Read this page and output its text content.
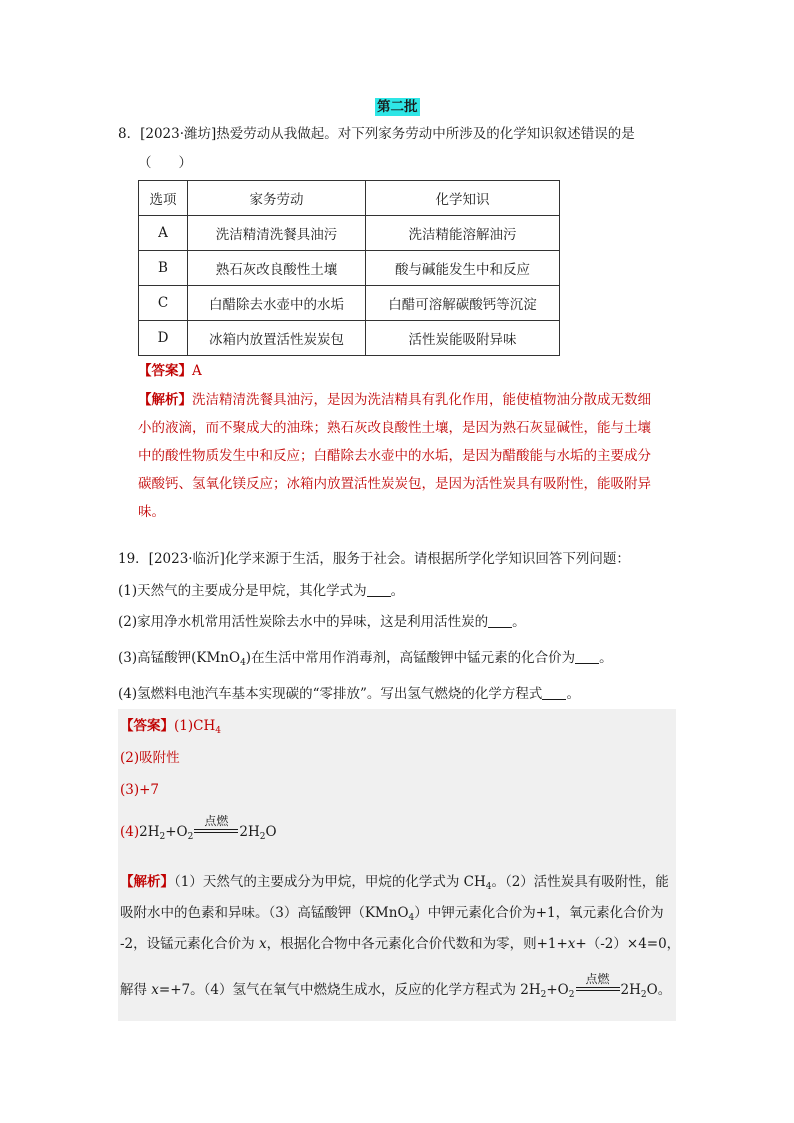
第二批
8．[2023·潍坊]热爱劳动从我做起。对下列家务劳动中所涉及的化学知识叙述错误的是
（　　）
选项	家务劳动	化学知识
A	洗洁精清洗餐具油污	洗洁精能溶解油污
B	熟石灰改良酸性土壤	酸与碱能发生中和反应
C	白醋除去水壶中的水垢	白醋可溶解碳酸钙等沉淀
D	冰箱内放置活性炭炭包	活性炭能吸附异味
【答案】A

【解析】洗洁精清洗餐具油污，是因为洗洁精具有乳化作用，能使植物油分散成无数细

小的液滴，而不聚成大的油珠；熟石灰改良酸性土壤，是因为熟石灰显碱性，能与土壤

中的酸性物质发生中和反应；白醋除去水壶中的水垢，是因为醋酸能与水垢的主要成分

碳酸钙、氢氧化镁反应；冰箱内放置活性炭炭包，是因为活性炭具有吸附性，能吸附异

味。

19．[2023·临沂]化学来源于生活，服务于社会。请根据所学化学知识回答下列问题：
(1)天然气的主要成分是甲烷，其化学式为 。
(2)家用净水机常用活性炭除去水中的异味，这是利用活性炭的 。
(3)高锰酸钾(KMnO$_4$)在生活中常用作消毒剂，高锰酸钾中锰元素的化合价为 。
(4)氢燃料电池汽车基本实现碳的“零排放”。写出氢气燃烧的化学方程式 。
【答案】$(1)CH_4$
(2)吸附性
(3)+7
$(4)2H_2+O_2$
点燃
$2H_2O$
【解析】（1）天然气的主要成分为甲烷，甲烷的化学式为 $CH_4$。（2）活性炭具有吸附性，能
吸附水中的色素和异味。（3）高锰酸钾（KMnO$_4$）中钾元素化合价为+1，氧元素化合价为
-2，设锰元素化合价为 x，根据化合物中各元素化合价代数和为零，则+1+x+（-2）×4=0，
解得 x=+7。（4）氢气在氧气中燃烧生成水，反应的化学方程式为 $2H_2+O_2$
点燃
$2H_2O$。
